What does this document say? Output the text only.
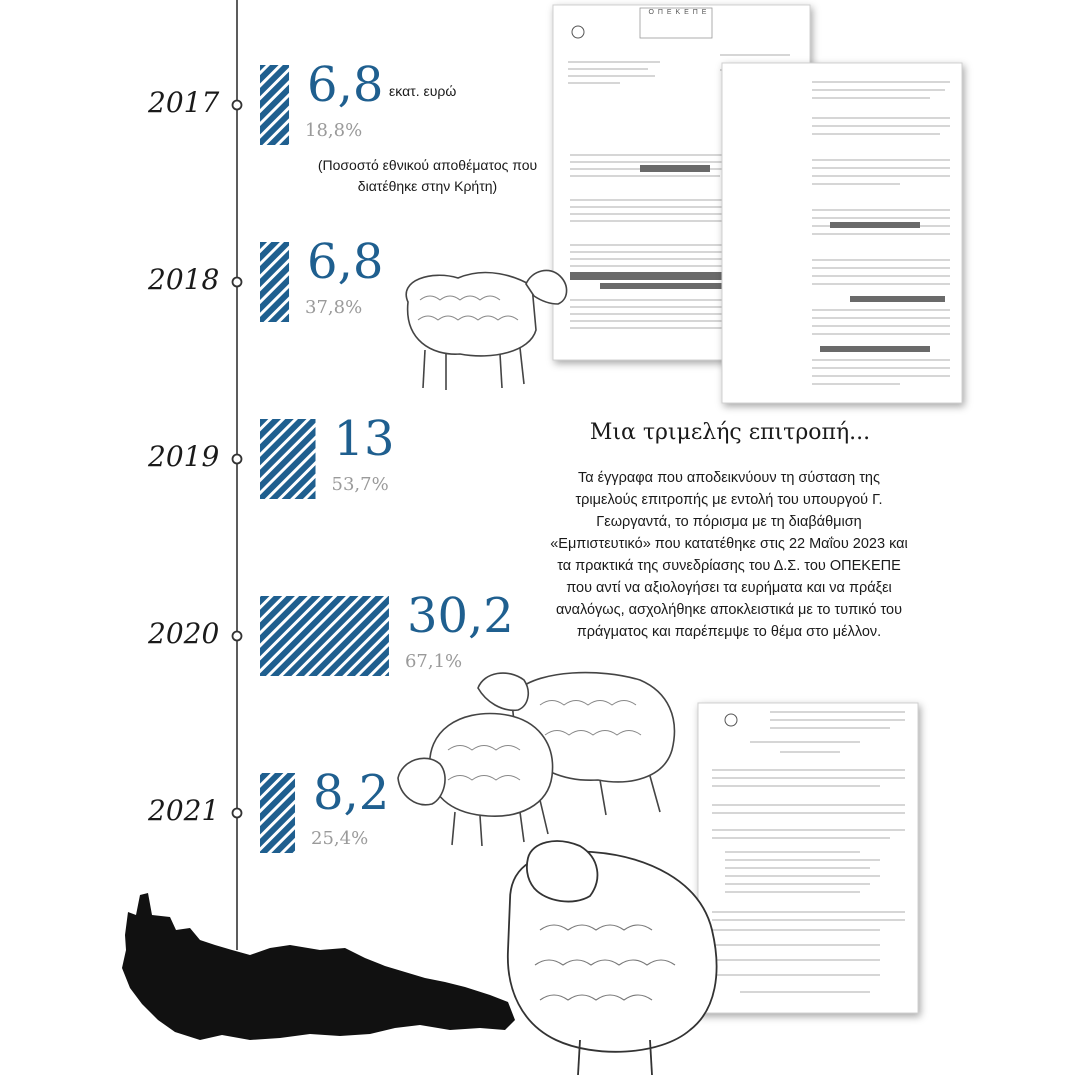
2017 6,8
18,8%
2018 6,8
37,8%
2019 13
53,7%
2020	30,2
67,1%
2021 8,2
25,4%
εκατ. ευρώ
(Ποσοστό εθνικού αποθέματος που διατέθηκε στην Κρήτη)
Μια τριμελής επιτροπή...
Τα έγγραφα που αποδεικνύουν τη σύσταση της τριμελούς επιτροπής με εντολή του υπουργού Γ. Γεωργαντά, το πόρισμα με τη διαβάθμιση «Εμπιστευτικό» που κατατέθηκε στις 22 Μαΐου 2023 και τα πρακτικά της συνεδρίασης του Δ.Σ. του ΟΠΕΚΕΠΕ που αντί να αξιολογήσει τα ευρήματα και να πράξει αναλόγως, ασχολήθηκε αποκλειστικά με το τυπικό του πράγματος και παρέπεμψε το θέμα στο μέλλον.
Ο Π Ε Κ Ε Π Ε
